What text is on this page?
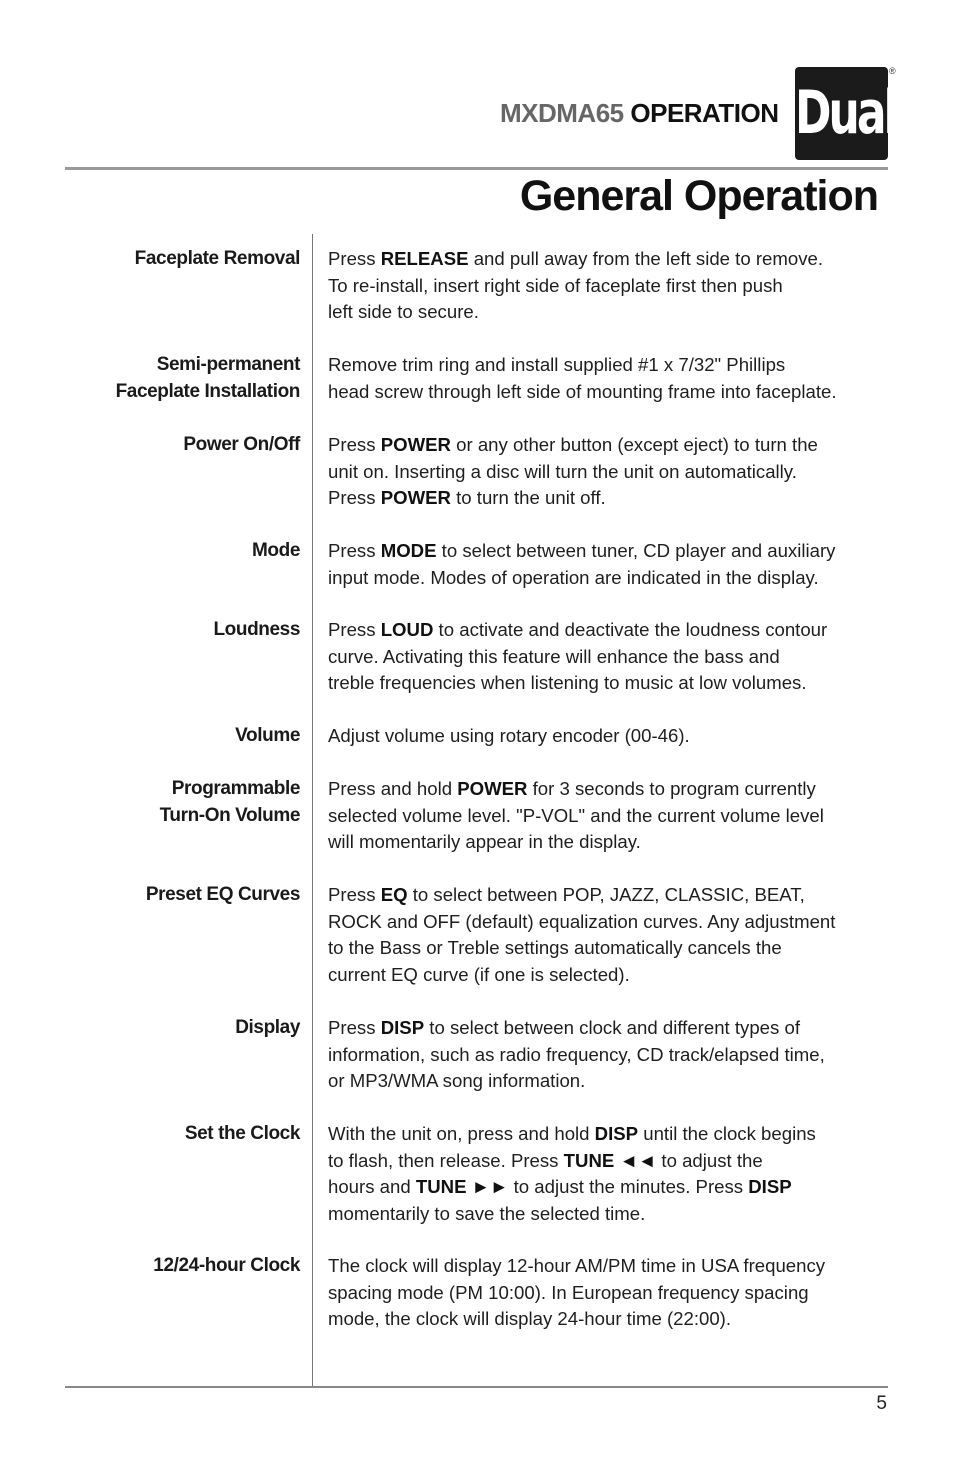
MXDMA65 OPERATION Dual
®
General Operation
Faceplate Removal Press RELEASE and pull away from the left side to remove.
To re-install, insert right side of faceplate first then push
left side to secure.
Semi-permanent
Faceplate Installation
Remove trim ring and install supplied #1 x 7/32" Phillips
head screw through left side of mounting frame into faceplate.
Power On/Off Press POWER or any other button (except eject) to turn the
unit on. Inserting a disc will turn the unit on automatically.
Press POWER to turn the unit off.
Mode Press MODE to select between tuner, CD player and auxiliary
input mode. Modes of operation are indicated in the display.
Loudness Press LOUD to activate and deactivate the loudness contour
curve. Activating this feature will enhance the bass and
treble frequencies when listening to music at low volumes.
Volume Adjust volume using rotary encoder (00-46).
Programmable
Turn-On Volume
Press and hold POWER for 3 seconds to program currently
selected volume level. "P-VOL" and the current volume level
will momentarily appear in the display.
Preset EQ Curves Press EQ to select between POP, JAZZ, CLASSIC, BEAT,
ROCK and OFF (default) equalization curves. Any adjustment
to the Bass or Treble settings automatically cancels the
current EQ curve (if one is selected).
Display Press DISP to select between clock and different types of
information, such as radio frequency, CD track/elapsed time,
or MP3/WMA song information.
Set the Clock With the unit on, press and hold DISP until the clock begins
to flash, then release. Press TUNE ◄◄ to adjust the
hours and TUNE ►► to adjust the minutes. Press DISP
momentarily to save the selected time.
12/24-hour Clock The clock will display 12-hour AM/PM time in USA frequency
spacing mode (PM 10:00). In European frequency spacing
mode, the clock will display 24-hour time (22:00).
5
